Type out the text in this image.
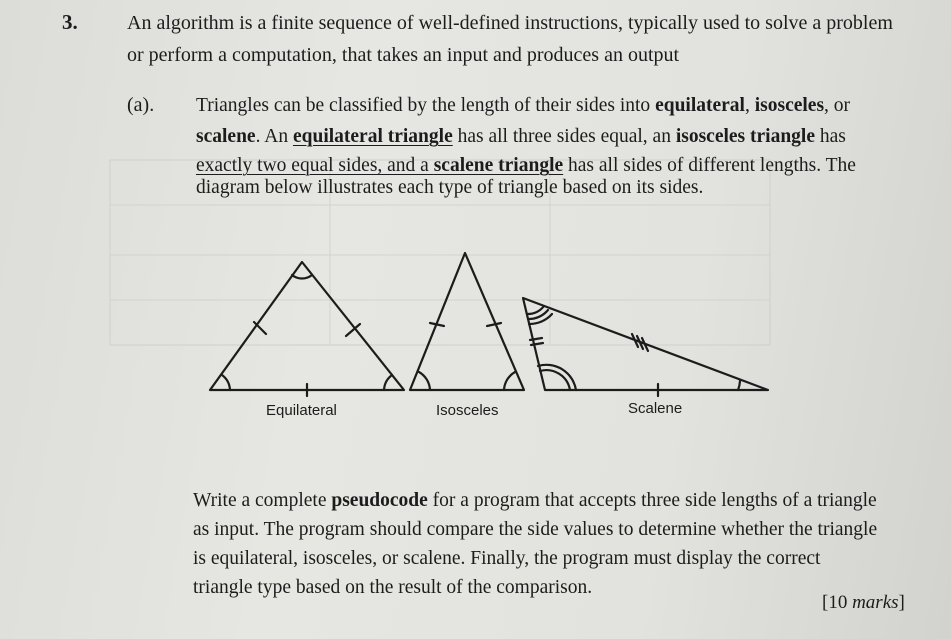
3. An algorithm is a finite sequence of well-defined instructions, typically used to solve a problem
or perform a computation, that takes an input and produces an output
(a). Triangles can be classified by the length of their sides into equilateral, isosceles, or
scalene. An equilateral triangle has all three sides equal, an isosceles triangle has
exactly two equal sides, and a scalene triangle has all sides of different lengths. The
diagram below illustrates each type of triangle based on its sides.
Equilateral	Isosceles	Scalene
Write a complete pseudocode for a program that accepts three side lengths of a triangle
as input. The program should compare the side values to determine whether the triangle
is equilateral, isosceles, or scalene. Finally, the program must display the correct
triangle type based on the result of the comparison.
[10 marks]
